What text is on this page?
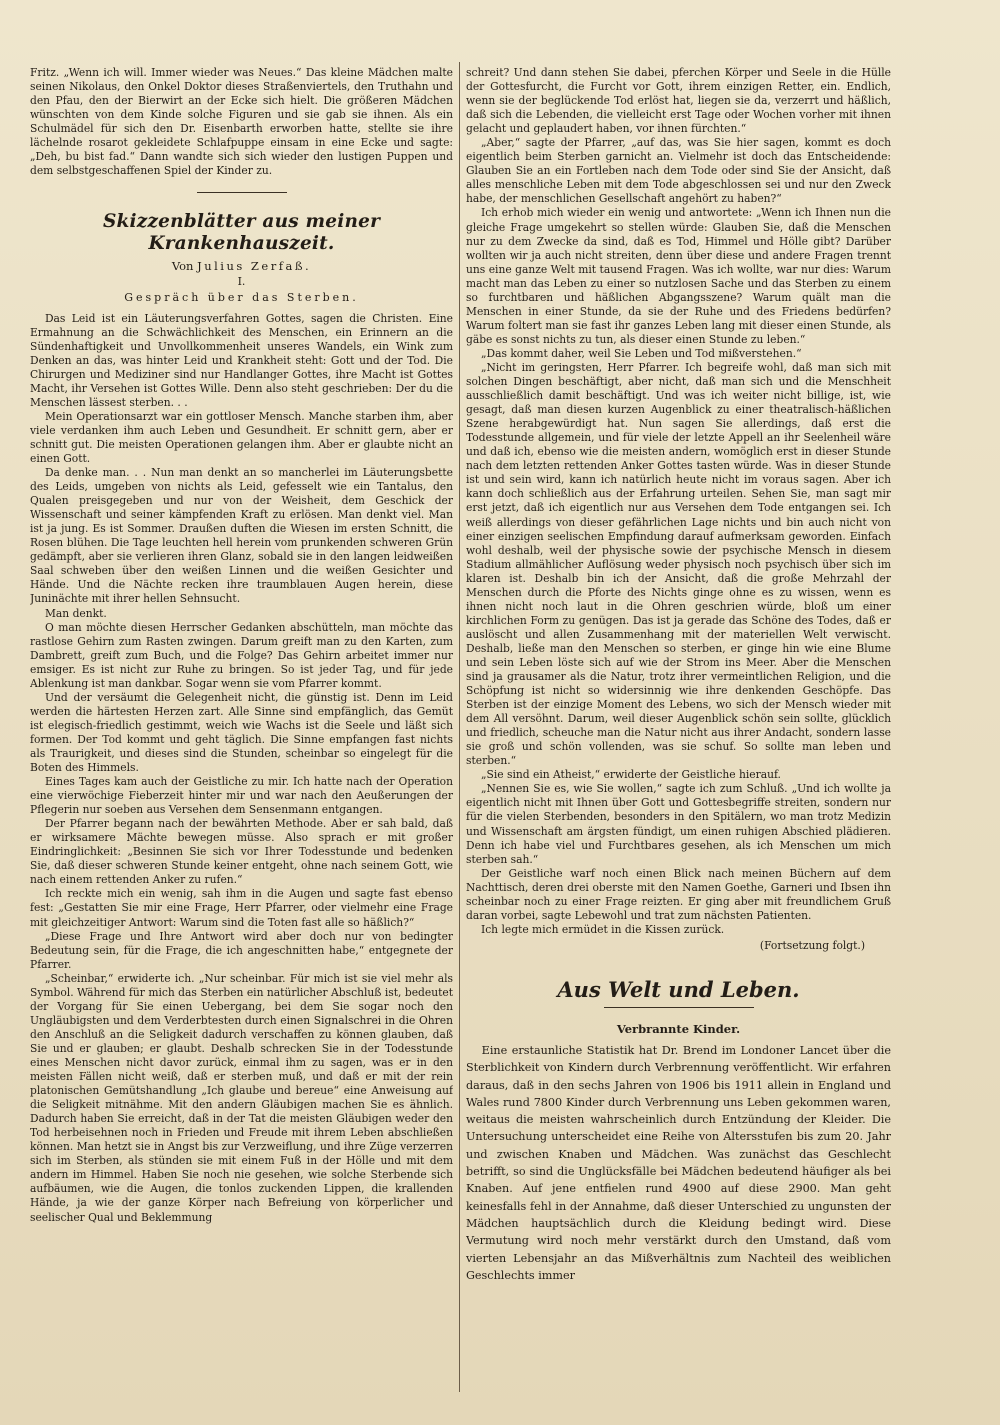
Fritz. „Wenn ich will. Immer wieder was Neues.“ Das kleine Mädchen malte seinen Nikolaus, den Onkel Doktor dieses Straßenviertels, den Truthahn und den Pfau, den der Bierwirt an der Ecke sich hielt. Die größeren Mädchen wünschten von dem Kinde solche Figuren und sie gab sie ihnen. Als ein Schulmädel für sich den Dr. Eisenbarth erworben hatte, stellte sie ihre lächelnde rosarot gekleidete Schlafpuppe einsam in eine Ecke und sagte: „Deh, bu bist fad.“ Dann wandte sich sich wieder den lustigen Puppen und dem selbstgeschaffenen Spiel der Kinder zu.

Skizzenblätter aus meiner Krankenhauszeit.
Von Julius Zerfaß.
I.
Gespräch über das Sterben.

Das Leid ist ein Läuterungsverfahren Gottes, sagen die Christen. Eine Ermahnung an die Schwächlichkeit des Menschen, ein Erinnern an die Sündenhaftigkeit und Unvollkommenheit unseres Wandels, ein Wink zum Denken an das, was hinter Leid und Krankheit steht: Gott und der Tod. Die Chirurgen und Mediziner sind nur Handlanger Gottes, ihre Macht ist Gottes Macht, ihr Versehen ist Gottes Wille. Denn also steht geschrieben: Der du die Menschen lässest sterben. . .

Mein Operationsarzt war ein gottloser Mensch. Manche starben ihm, aber viele verdanken ihm auch Leben und Gesundheit. Er schnitt gern, aber er schnitt gut. Die meisten Operationen gelangen ihm. Aber er glaubte nicht an einen Gott.

Da denke man. . . Nun man denkt an so mancherlei im Läuterungsbette des Leids, umgeben von nichts als Leid, gefesselt wie ein Tantalus, den Qualen preisgegeben und nur von der Weisheit, dem Geschick der Wissenschaft und seiner kämpfenden Kraft zu erlösen. Man denkt viel. Man ist ja jung. Es ist Sommer. Draußen duften die Wiesen im ersten Schnitt, die Rosen blühen. Die Tage leuchten hell herein vom prunkenden schweren Grün gedämpft, aber sie verlieren ihren Glanz, sobald sie in den langen leidweißen Saal schweben über den weißen Linnen und die weißen Gesichter und Hände. Und die Nächte recken ihre traumblauen Augen herein, diese Juninächte mit ihrer hellen Sehnsucht.

Man denkt.

O man möchte diesen Herrscher Gedanken abschütteln, man möchte das rastlose Gehirn zum Rasten zwingen. Darum greift man zu den Karten, zum Dambrett, greift zum Buch, und die Folge? Das Gehirn arbeitet immer nur emsiger. Es ist nicht zur Ruhe zu bringen. So ist jeder Tag, und für jede Ablenkung ist man dankbar. Sogar wenn sie vom Pfarrer kommt.

Und der versäumt die Gelegenheit nicht, die günstig ist. Denn im Leid werden die härtesten Herzen zart. Alle Sinne sind empfänglich, das Gemüt ist elegisch-friedlich gestimmt, weich wie Wachs ist die Seele und läßt sich formen. Der Tod kommt und geht täglich. Die Sinne empfangen fast nichts als Traurigkeit, und dieses sind die Stunden, scheinbar so eingelegt für die Boten des Himmels.

Eines Tages kam auch der Geistliche zu mir. Ich hatte nach der Operation eine vierwöchige Fieberzeit hinter mir und war nach den Aeußerungen der Pflegerin nur soeben aus Versehen dem Sensenmann entgangen.

Der Pfarrer begann nach der bewährten Methode. Aber er sah bald, daß er wirksamere Mächte bewegen müsse. Also sprach er mit großer Eindringlichkeit: „Besinnen Sie sich vor Ihrer Todesstunde und bedenken Sie, daß dieser schweren Stunde keiner entgeht, ohne nach seinem Gott, wie nach einem rettenden Anker zu rufen.“

Ich reckte mich ein wenig, sah ihm in die Augen und sagte fast ebenso fest: „Gestatten Sie mir eine Frage, Herr Pfarrer, oder vielmehr eine Frage mit gleichzeitiger Antwort: Warum sind die Toten fast alle so häßlich?“

„Diese Frage und Ihre Antwort wird aber doch nur von bedingter Bedeutung sein, für die Frage, die ich angeschnitten habe,“ entgegnete der Pfarrer.

„Scheinbar,“ erwiderte ich. „Nur scheinbar. Für mich ist sie viel mehr als Symbol. Während für mich das Sterben ein natürlicher Abschluß ist, bedeutet der Vorgang für Sie einen Uebergang, bei dem Sie sogar noch den Ungläubigsten und dem Verderbtesten durch einen Signalschrei in die Ohren den Anschluß an die Seligkeit dadurch verschaffen zu können glauben, daß Sie und er glauben; er glaubt. Deshalb schrecken Sie in der Todesstunde eines Menschen nicht davor zurück, einmal ihm zu sagen, was er in den meisten Fällen nicht weiß, daß er sterben muß, und daß er mit der rein platonischen Gemütshandlung „Ich glaube und bereue“ eine Anweisung auf die Seligkeit mitnähme. Mit den andern Gläubigen machen Sie es ähnlich. Dadurch haben Sie erreicht, daß in der Tat die meisten Gläubigen weder den Tod herbeisehnen noch in Frieden und Freude mit ihrem Leben abschließen können. Man hetzt sie in Angst bis zur Verzweiflung, und ihre Züge verzerren sich im Sterben, als stünden sie mit einem Fuß in der Hölle und mit dem andern im Himmel. Haben Sie noch nie gesehen, wie solche Sterbende sich aufbäumen, wie die Augen, die tonlos zuckenden Lippen, die krallenden Hände, ja wie der ganze Körper nach Befreiung von körperlicher und seelischer Qual und Beklemmung

schreit? Und dann stehen Sie dabei, pferchen Körper und Seele in die Hülle der Gottesfurcht, die Furcht vor Gott, ihrem einzigen Retter, ein. Endlich, wenn sie der beglückende Tod erlöst hat, liegen sie da, verzerrt und häßlich, daß sich die Lebenden, die vielleicht erst Tage oder Wochen vorher mit ihnen gelacht und geplaudert haben, vor ihnen fürchten.“

„Aber,“ sagte der Pfarrer, „auf das, was Sie hier sagen, kommt es doch eigentlich beim Sterben garnicht an. Vielmehr ist doch das Entscheidende: Glauben Sie an ein Fortleben nach dem Tode oder sind Sie der Ansicht, daß alles menschliche Leben mit dem Tode abgeschlossen sei und nur den Zweck habe, der menschlichen Gesellschaft angehört zu haben?“

Ich erhob mich wieder ein wenig und antwortete: „Wenn ich Ihnen nun die gleiche Frage umgekehrt so stellen würde: Glauben Sie, daß die Menschen nur zu dem Zwecke da sind, daß es Tod, Himmel und Hölle gibt? Darüber wollten wir ja auch nicht streiten, denn über diese und andere Fragen trennt uns eine ganze Welt mit tausend Fragen. Was ich wollte, war nur dies: Warum macht man das Leben zu einer so nutzlosen Sache und das Sterben zu einem so furchtbaren und häßlichen Abgangsszene? Warum quält man die Menschen in einer Stunde, da sie der Ruhe und des Friedens bedürfen? Warum foltert man sie fast ihr ganzes Leben lang mit dieser einen Stunde, als gäbe es sonst nichts zu tun, als dieser einen Stunde zu leben.“

„Das kommt daher, weil Sie Leben und Tod mißverstehen.“

„Nicht im geringsten, Herr Pfarrer. Ich begreife wohl, daß man sich mit solchen Dingen beschäftigt, aber nicht, daß man sich und die Menschheit ausschließlich damit beschäftigt. Und was ich weiter nicht billige, ist, wie gesagt, daß man diesen kurzen Augenblick zu einer theatralisch-häßlichen Szene herabgewürdigt hat. Nun sagen Sie allerdings, daß erst die Todesstunde allgemein, und für viele der letzte Appell an ihr Seelenheil wäre und daß ich, ebenso wie die meisten andern, womöglich erst in dieser Stunde nach dem letzten rettenden Anker Gottes tasten würde. Was in dieser Stunde ist und sein wird, kann ich natürlich heute nicht im voraus sagen. Aber ich kann doch schließlich aus der Erfahrung urteilen. Sehen Sie, man sagt mir erst jetzt, daß ich eigentlich nur aus Versehen dem Tode entgangen sei. Ich weiß allerdings von dieser gefährlichen Lage nichts und bin auch nicht von einer einzigen seelischen Empfindung darauf aufmerksam geworden. Einfach wohl deshalb, weil der physische sowie der psychische Mensch in diesem Stadium allmählicher Auflösung weder physisch noch psychisch über sich im klaren ist. Deshalb bin ich der Ansicht, daß die große Mehrzahl der Menschen durch die Pforte des Nichts ginge ohne es zu wissen, wenn es ihnen nicht noch laut in die Ohren geschrien würde, bloß um einer kirchlichen Form zu genügen. Das ist ja gerade das Schöne des Todes, daß er auslöscht und allen Zusammenhang mit der materiellen Welt verwischt. Deshalb, ließe man den Menschen so sterben, er ginge hin wie eine Blume und sein Leben löste sich auf wie der Strom ins Meer. Aber die Menschen sind ja grausamer als die Natur, trotz ihrer vermeintlichen Religion, und die Schöpfung ist nicht so widersinnig wie ihre denkenden Geschöpfe. Das Sterben ist der einzige Moment des Lebens, wo sich der Mensch wieder mit dem All versöhnt. Darum, weil dieser Augenblick schön sein sollte, glücklich und friedlich, scheuche man die Natur nicht aus ihrer Andacht, sondern lasse sie groß und schön vollenden, was sie schuf. So sollte man leben und sterben.“

„Sie sind ein Atheist,“ erwiderte der Geistliche hierauf.

„Nennen Sie es, wie Sie wollen,“ sagte ich zum Schluß. „Und ich wollte ja eigentlich nicht mit Ihnen über Gott und Gottesbegriffe streiten, sondern nur für die vielen Sterbenden, besonders in den Spitälern, wo man trotz Medizin und Wissenschaft am ärgsten fündigt, um einen ruhigen Abschied plädieren. Denn ich habe viel und Furchtbares gesehen, als ich Menschen um mich sterben sah.“

Der Geistliche warf noch einen Blick nach meinen Büchern auf dem Nachttisch, deren drei oberste mit den Namen Goethe, Garneri und Ibsen ihn scheinbar noch zu einer Frage reizten. Er ging aber mit freundlichem Gruß daran vorbei, sagte Lebewohl und trat zum nächsten Patienten.

Ich legte mich ermüdet in die Kissen zurück.

(Fortsetzung folgt.)
Aus Welt und Leben.
Verbrannte Kinder.

Eine erstaunliche Statistik hat Dr. Brend im Londoner Lancet über die Sterblichkeit von Kindern durch Verbrennung veröffentlicht. Wir erfahren daraus, daß in den sechs Jahren von 1906 bis 1911 allein in England und Wales rund 7800 Kinder durch Verbrennung uns Leben gekommen waren, weitaus die meisten wahrscheinlich durch Entzündung der Kleider. Die Untersuchung unterscheidet eine Reihe von Altersstufen bis zum 20. Jahr und zwischen Knaben und Mädchen. Was zunächst das Geschlecht betrifft, so sind die Unglücksfälle bei Mädchen bedeutend häufiger als bei Knaben. Auf jene entfielen rund 4900 auf diese 2900. Man geht keinesfalls fehl in der Annahme, daß dieser Unterschied zu ungunsten der Mädchen hauptsächlich durch die Kleidung bedingt wird. Diese Vermutung wird noch mehr verstärkt durch den Umstand, daß vom vierten Lebensjahr an das Mißverhältnis zum Nachteil des weiblichen Geschlechts immer
